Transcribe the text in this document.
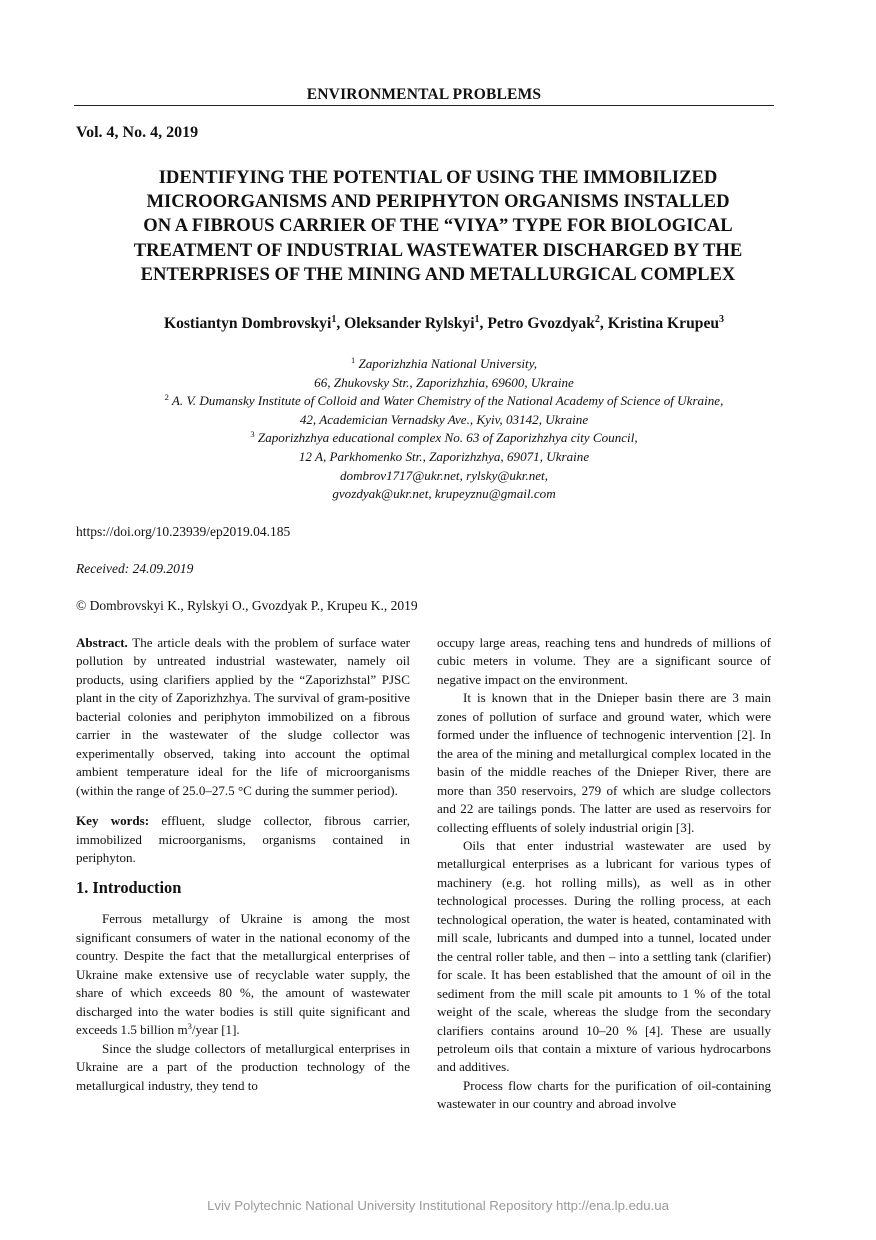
ENVIRONMENTAL PROBLEMS
Vol. 4, No. 4, 2019
IDENTIFYING THE POTENTIAL OF USING THE IMMOBILIZED
MICROORGANISMS AND PERIPHYTON ORGANISMS INSTALLED
ON A FIBROUS CARRIER OF THE “VIYA” TYPE FOR BIOLOGICAL
TREATMENT OF INDUSTRIAL WASTEWATER DISCHARGED BY THE
ENTERPRISES OF THE MINING AND METALLURGICAL COMPLEX
Kostiantyn Dombrovskyi$^1$, Oleksander Rylskyi$^1$, Petro Gvozdyak$^2$, Kristina Krupeu$^3$
$^1$ Zaporizhzhia National University,
66, Zhukovsky Str., Zaporizhzhia, 69600, Ukraine
$^2$ A. V. Dumansky Institute of Colloid and Water Chemistry of the National Academy of Science of Ukraine,
42, Academician Vernadsky Ave., Kyiv, 03142, Ukraine
$^3$ Zaporizhzhya educational complex No. 63 of Zaporizhzhya city Council,
12 A, Parkhomenko Str., Zaporizhzhya, 69071, Ukraine
dombrov1717@ukr.net, rylsky@ukr.net,
gvozdyak@ukr.net, krupeyznu@gmail.com
https://doi.org/10.23939/ep2019.04.185
Received: 24.09.2019
© Dombrovskyi K., Rylskyi O., Gvozdyak P., Krupeu K., 2019

Abstract. The article deals with the problem of surface water pollution by untreated industrial wastewater, namely oil products, using clarifiers applied by the “Zaporizhstal” PJSC plant in the city of Zaporizhzhya. The survival of gram-positive bacterial colonies and periphyton immobilized on a fibrous carrier in the wastewater of the sludge collector was experimentally observed, taking into account the optimal ambient temperature ideal for the life of microorganisms (within the range of 25.0–27.5 °C during the summer period).

Key words: effluent, sludge collector, fibrous carrier, immobilized microorganisms, organisms contained in periphyton.

1. Introduction

Ferrous metallurgy of Ukraine is among the most significant consumers of water in the national economy of the country. Despite the fact that the metallurgical enterprises of Ukraine make extensive use of recyclable water supply, the share of which exceeds 80 %, the amount of wastewater discharged into the water bodies is still quite significant and exceeds 1.5 billion $m^3$/year [1].

Since the sludge collectors of metallurgical enterprises in Ukraine are a part of the production technology of the metallurgical industry, they tend to

occupy large areas, reaching tens and hundreds of millions of cubic meters in volume. They are a significant source of negative impact on the environment.

It is known that in the Dnieper basin there are 3 main zones of pollution of surface and ground water, which were formed under the influence of technogenic intervention [2]. In the area of the mining and metallurgical complex located in the basin of the middle reaches of the Dnieper River, there are more than 350 reservoirs, 279 of which are sludge collectors and 22 are tailings ponds. The latter are used as reservoirs for collecting effluents of solely industrial origin [3].

Oils that enter industrial wastewater are used by metallurgical enterprises as a lubricant for various types of machinery (e.g. hot rolling mills), as well as in other technological processes. During the rolling process, at each technological operation, the water is heated, contaminated with mill scale, lubricants and dumped into a tunnel, located under the central roller table, and then – into a settling tank (clarifier) for scale. It has been established that the amount of oil in the sediment from the mill scale pit amounts to 1 % of the total weight of the scale, whereas the sludge from the secondary clarifiers contains around 10–20 % [4]. These are usually petroleum oils that contain a mixture of various hydrocarbons and additives.

Process flow charts for the purification of oil-containing wastewater in our country and abroad involve

Lviv Polytechnic National University Institutional Repository http://ena.lp.edu.ua
